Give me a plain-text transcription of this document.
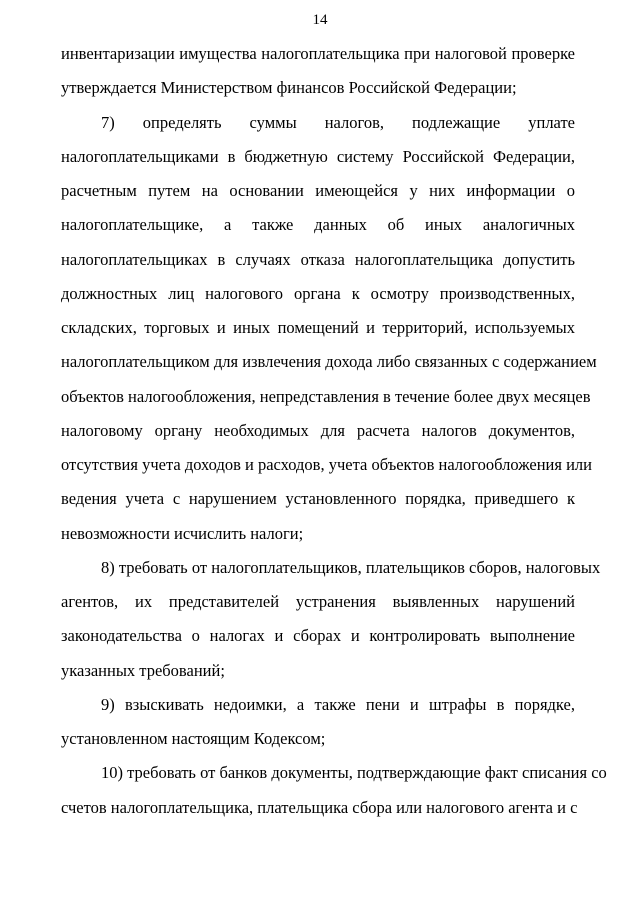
14
инвентаризации имущества налогоплательщика при налоговой проверке
утверждается Министерством финансов Российской Федерации;
7) определять суммы налогов, подлежащие уплате
налогоплательщиками в бюджетную систему Российской Федерации,
расчетным путем на основании имеющейся у них информации о
налогоплательщике, а также данных об иных аналогичных
налогоплательщиках в случаях отказа налогоплательщика допустить
должностных лиц налогового органа к осмотру производственных,
складских, торговых и иных помещений и территорий, используемых
налогоплательщиком для извлечения дохода либо связанных с содержанием
объектов налогообложения, непредставления в течение более двух месяцев
налоговому органу необходимых для расчета налогов документов,
отсутствия учета доходов и расходов, учета объектов налогообложения или
ведения учета с нарушением установленного порядка, приведшего к
невозможности исчислить налоги;
8) требовать от налогоплательщиков, плательщиков сборов, налоговых
агентов, их представителей устранения выявленных нарушений
законодательства о налогах и сборах и контролировать выполнение
указанных требований;
9) взыскивать недоимки, а также пени и штрафы в порядке,
установленном настоящим Кодексом;
10) требовать от банков документы, подтверждающие факт списания со
счетов налогоплательщика, плательщика сбора или налогового агента и с
